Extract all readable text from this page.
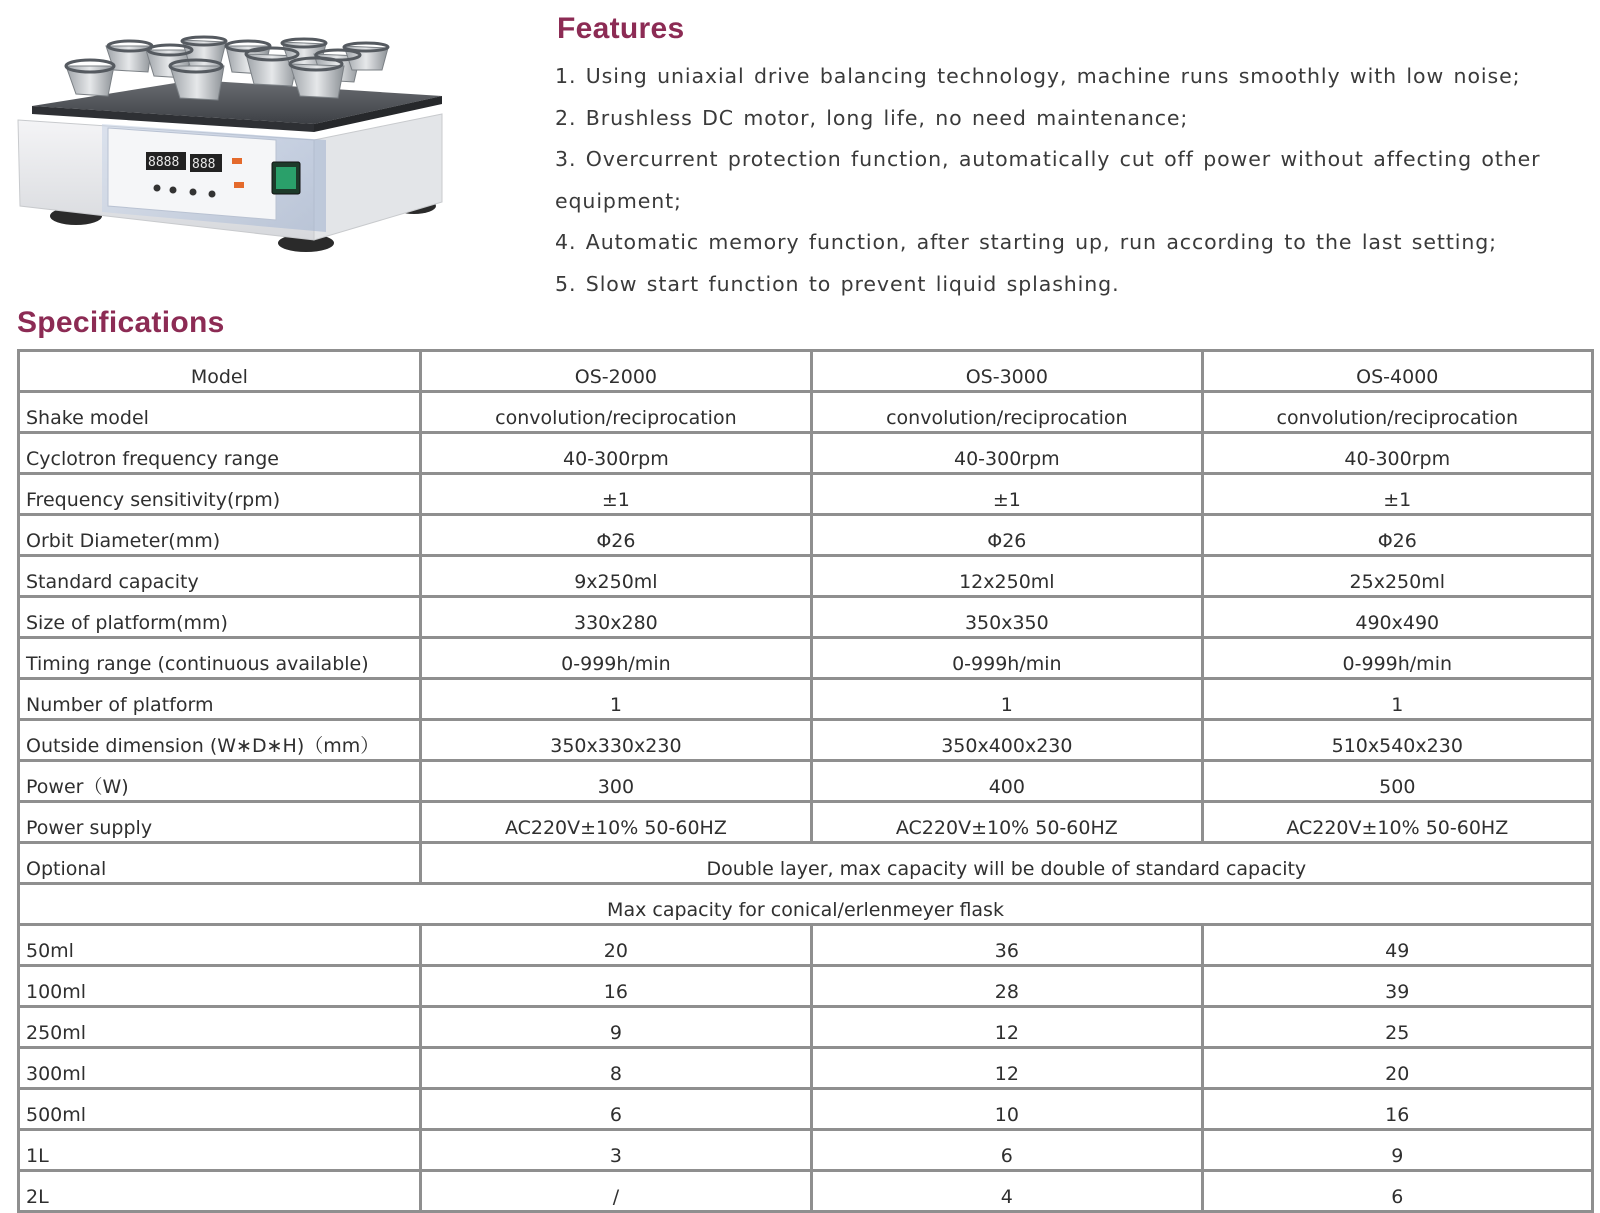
Features
1. Using uniaxial drive balancing technology, machine runs smoothly with low noise;
2. Brushless DC motor, long life, no need maintenance;
3. Overcurrent protection function, automatically cut off power without affecting other equipment;
4. Automatic memory function, after starting up, run according to the last setting;
5. Slow start function to prevent liquid splashing.
8888 888
Specifications
Model	OS-2000	OS-3000	OS-4000
Shake model	convolution/reciprocation	convolution/reciprocation	convolution/reciprocation
Cyclotron frequency range	40-300rpm	40-300rpm	40-300rpm
Frequency sensitivity(rpm)	±1	±1	±1
Orbit Diameter(mm)	Φ26	Φ26	Φ26
Standard capacity	9x250ml	12x250ml	25x250ml
Size of platform(mm)	330x280	350x350	490x490
Timing range (continuous available)	0-999h/min	0-999h/min	0-999h/min
Number of platform	1	1	1
Outside dimension (W∗D∗H)（mm）	350x330x230	350x400x230	510x540x230
Power（W)	300	400	500
Power supply	AC220V±10% 50-60HZ	AC220V±10% 50-60HZ	AC220V±10% 50-60HZ
Optional	Double layer, max capacity will be double of standard capacity		
Max capacity for conical/erlenmeyer flask			
50ml	20	36	49
100ml	16	28	39
250ml	9	12	25
300ml	8	12	20
500ml	6	10	16
1L	3	6	9
2L	/	4	6
